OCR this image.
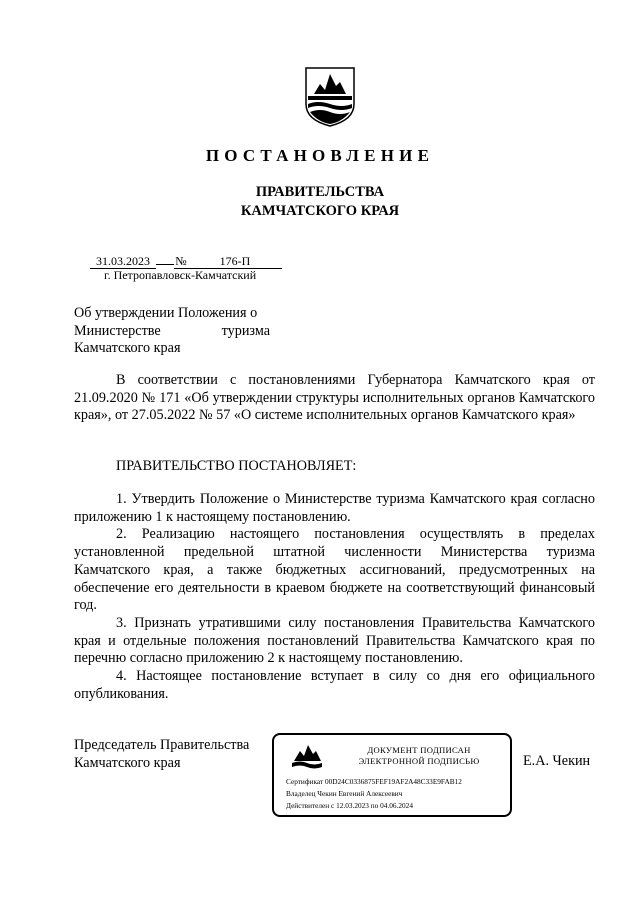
ПОСТАНОВЛЕНИЕ
ПРАВИТЕЛЬСТВА
КАМЧАТСКОГО КРАЯ
31.03.2023 №	176-П
г. Петропавловск-Камчатский
Об утверждении Положения о
Министерстве	туризма
Камчатского края

В соответствии с постановлениями Губернатора Камчатского края от 21.09.2020 № 171 «Об утверждении структуры исполнительных органов Камчатского края», от 27.05.2022 № 57 «О системе исполнительных органов Камчатского края»

ПРАВИТЕЛЬСТВО ПОСТАНОВЛЯЕТ:

1. Утвердить Положение о Министерстве туризма Камчатского края согласно приложению 1 к настоящему постановлению.

2. Реализацию настоящего постановления осуществлять в пределах установленной предельной штатной численности Министерства туризма Камчатского края, а также бюджетных ассигнований, предусмотренных на обеспечение его деятельности в краевом бюджете на соответствующий финансовый год.

3. Признать утратившими силу постановления Правительства Камчатского края и отдельные положения постановлений Правительства Камчатского края по перечню согласно приложению 2 к настоящему постановлению.

4. Настоящее постановление вступает в силу со дня его официального опубликования.

Председатель Правительства
Камчатского края
ДОКУМЕНТ ПОДПИСАН
ЭЛЕКТРОННОЙ ПОДПИСЬЮ
Сертификат 00D24C0336875FEF19AF2A48C33E9FAB12
Владелец Чекин Евгений Алексеевич
Действителен с 12.03.2023 по 04.06.2024
Е.А. Чекин
